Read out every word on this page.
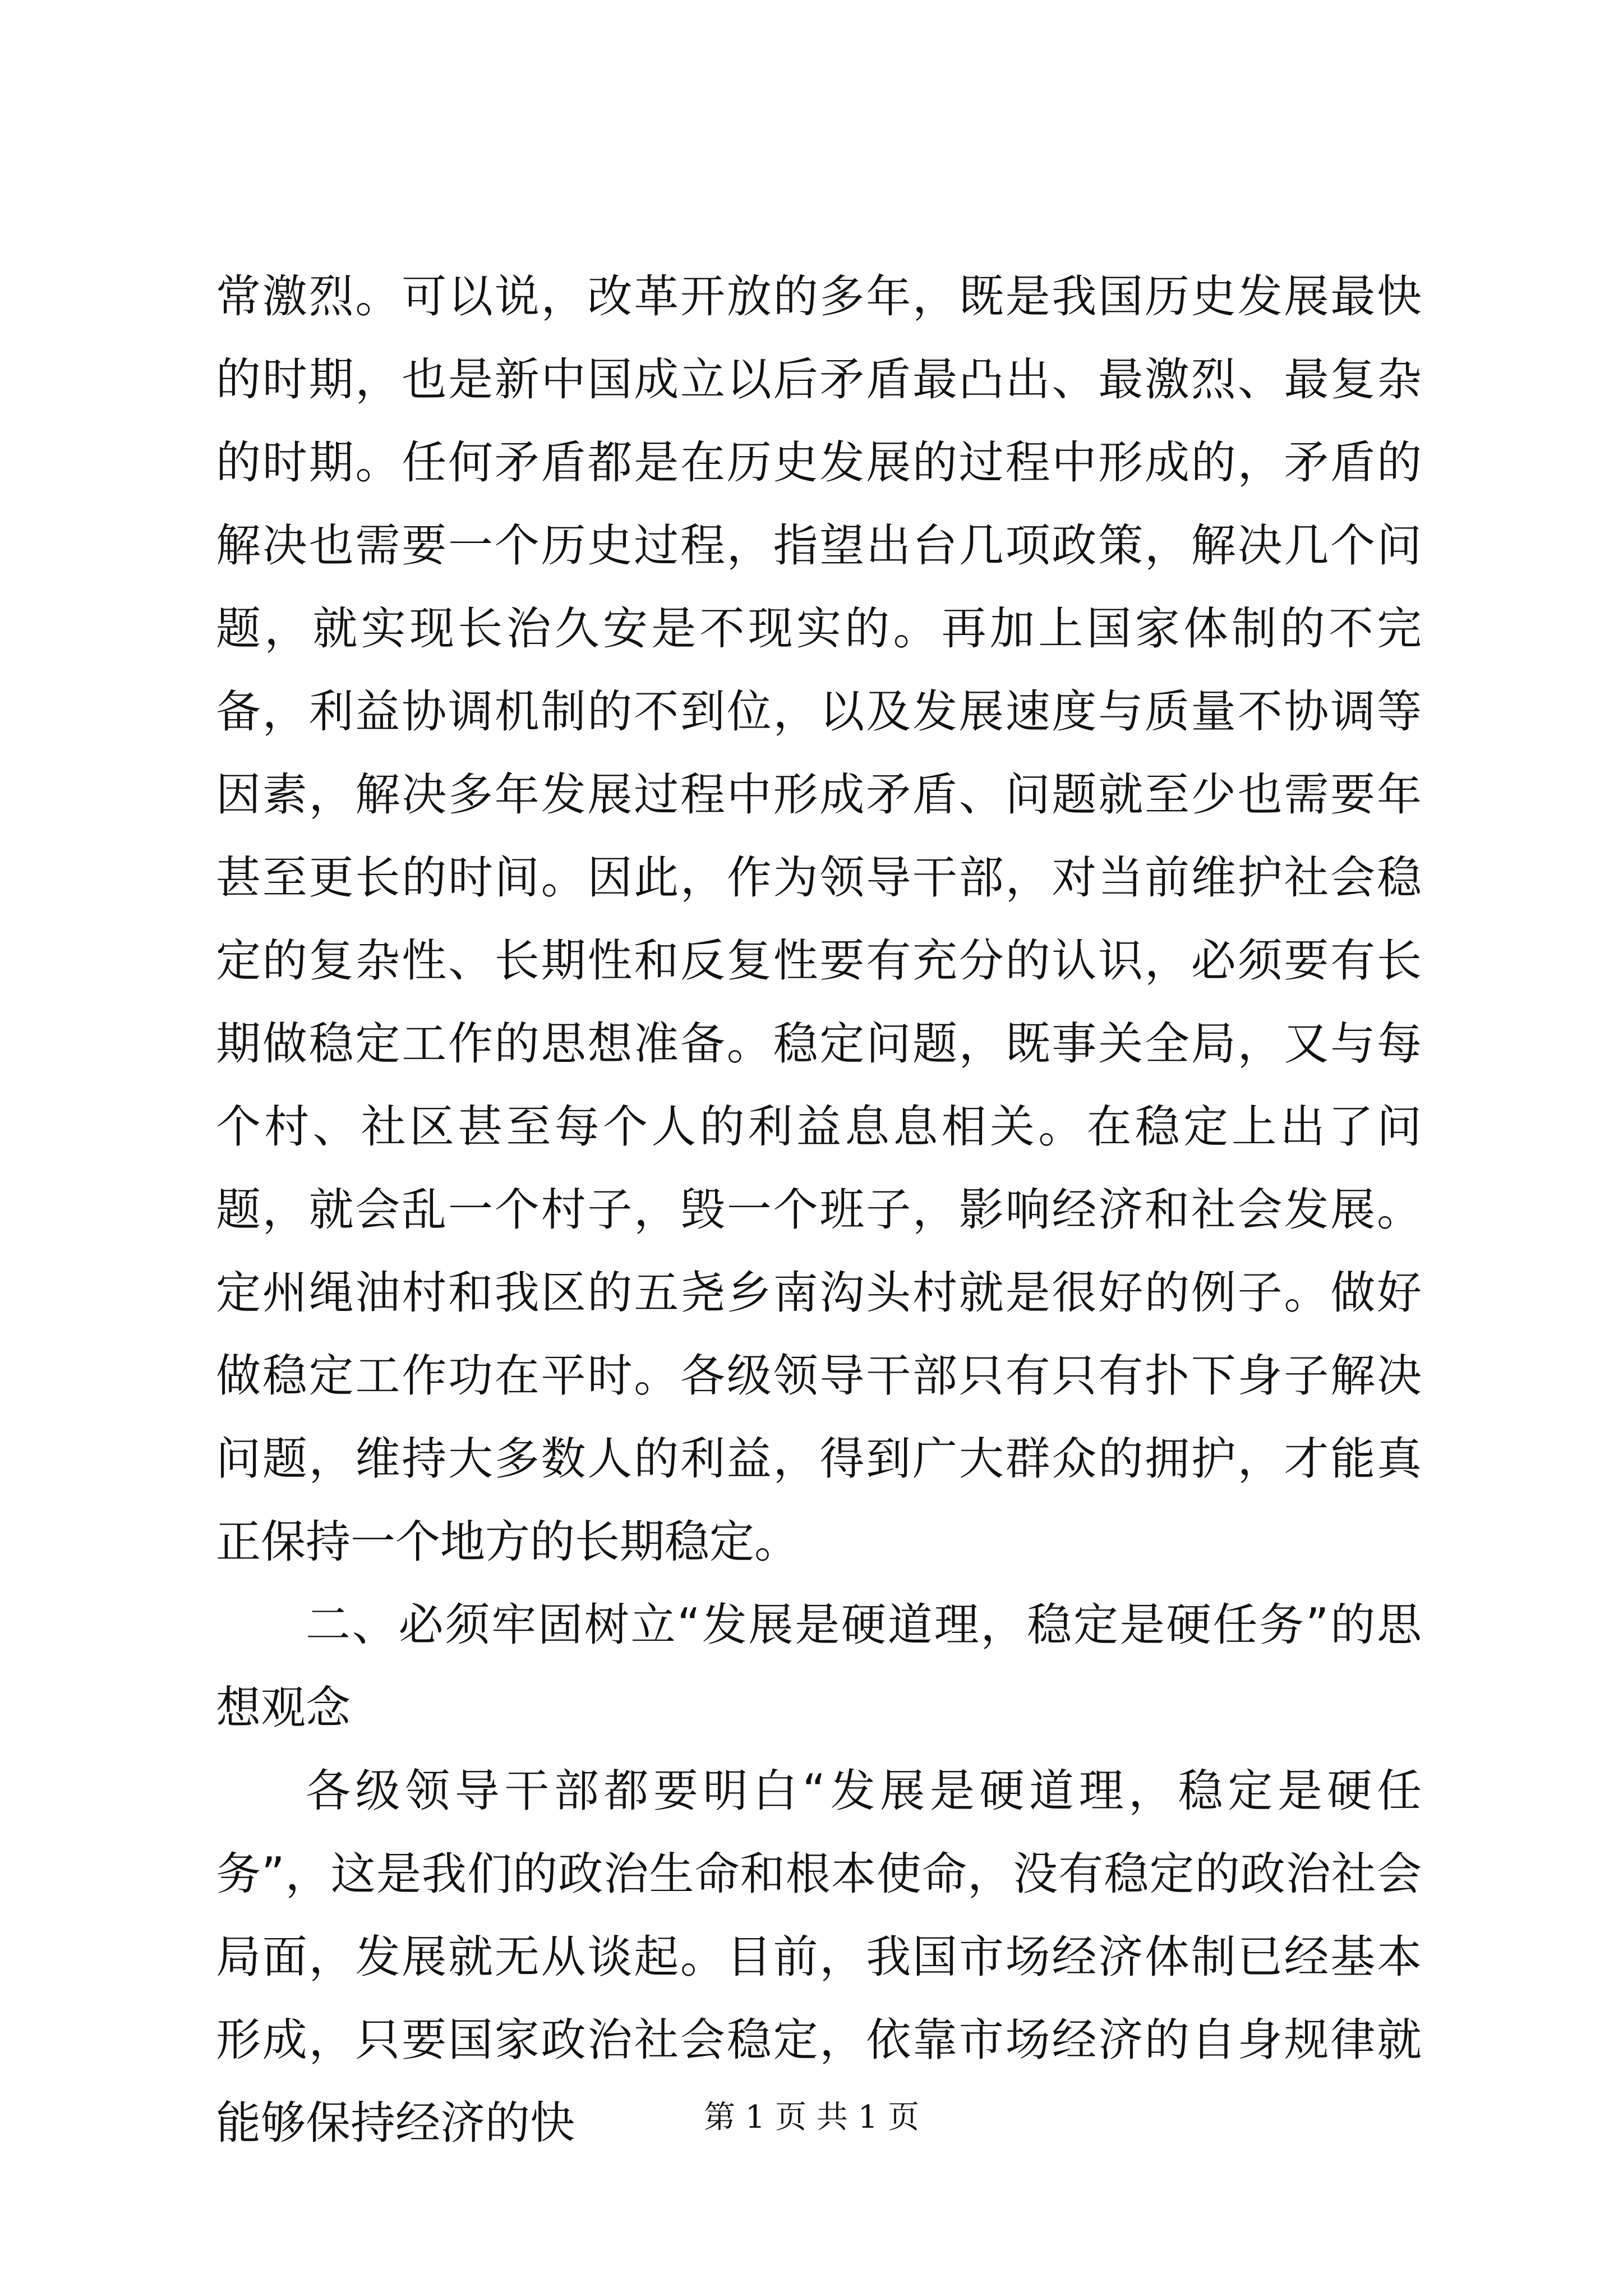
常激烈。可以说，改革开放的多年，既是我国历史发展最快的时期，也是新中国成立以后矛盾最凸出、最激烈、最复杂的时期。任何矛盾都是在历史发展的过程中形成的，矛盾的解决也需要一个历史过程，指望出台几项政策，解决几个问题，就实现长治久安是不现实的。再加上国家体制的不完备，利益协调机制的不到位，以及发展速度与质量不协调等因素，解决多年发展过程中形成矛盾、问题就至少也需要年甚至更长的时间。因此，作为领导干部，对当前维护社会稳定的复杂性、长期性和反复性要有充分的认识，必须要有长期做稳定工作的思想准备。稳定问题，既事关全局，又与每个村、社区甚至每个人的利益息息相关。在稳定上出了问题，就会乱一个村子，毁一个班子，影响经济和社会发展。定州绳油村和我区的五尧乡南沟头村就是很好的例子。做好做稳定工作功在平时。各级领导干部只有只有扑下身子解决问题，维持大多数人的利益，得到广大群众的拥护，才能真正保持一个地方的长期稳定。

二、必须牢固树立“发展是硬道理，稳定是硬任务”的思想观念

各级领导干部都要明白“发展是硬道理，稳定是硬任务”，这是我们的政治生命和根本使命，没有稳定的政治社会局面，发展就无从谈起。目前，我国市场经济体制已经基本形成，只要国家政治社会稳定，依靠市场经济的自身规律就能够保持经济的快	第 1 页 共 1 页
